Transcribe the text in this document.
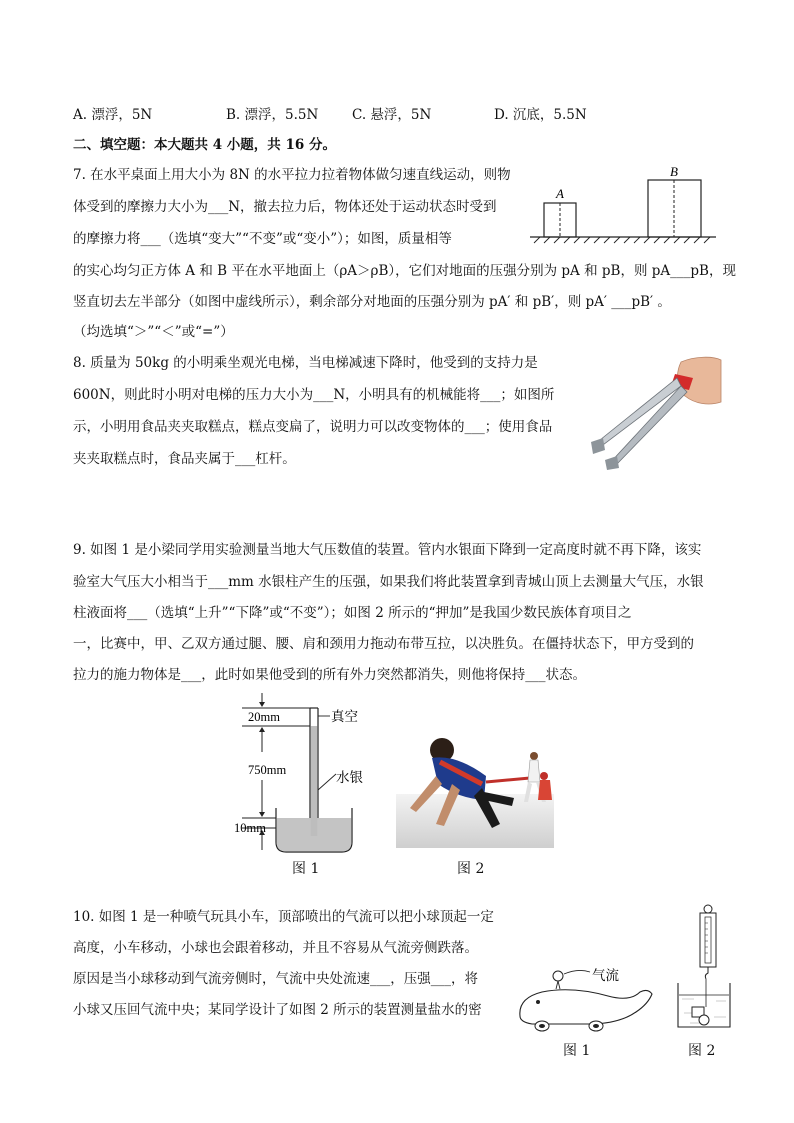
A. 漂浮，5N	B. 漂浮，5.5N C. 悬浮，5N	D. 沉底，5.5N
二、填空题：本大题共 4 小题，共 16 分。
7. 在水平桌面上用大小为 8N 的水平拉力拉着物体做匀速直线运动，则物
体受到的摩擦力大小为___N，撤去拉力后，物体还处于运动状态时受到
的摩擦力将___（选填“变大”“不变”或“变小”）；如图，质量相等
的实心均匀正方体 A 和 B 平在水平地面上（ρA＞ρB），它们对地面的压强分别为 pA 和 pB，则 pA___pB，现
竖直切去左半部分（如图中虚线所示），剩余部分对地面的压强分别为 pA′ 和 pB′，则 pA′ ___pB′ 。
（均选填“＞”“＜”或“=”）
A
B
8. 质量为 50kg 的小明乘坐观光电梯，当电梯减速下降时，他受到的支持力是
600N，则此时小明对电梯的压力大小为___N，小明具有的机械能将___；如图所
示，小明用食品夹夹取糕点，糕点变扁了，说明力可以改变物体的___；使用食品
夹夹取糕点时，食品夹属于___杠杆。
9. 如图 1 是小梁同学用实验测量当地大气压数值的装置。管内水银面下降到一定高度时就不再下降，该实
验室大气压大小相当于___mm 水银柱产生的压强，如果我们将此装置拿到青城山顶上去测量大气压，水银
柱液面将___（选填“上升”“下降”或“不变”）；如图 2 所示的“押加”是我国少数民族体育项目之
一，比赛中，甲、乙双方通过腿、腰、肩和颈用力拖动布带互拉，以决胜负。在僵持状态下，甲方受到的
拉力的施力物体是___，此时如果他受到的所有外力突然都消失，则他将保持___状态。
20mm
750mm
10mm
真空
水银
图 1	图 2
10. 如图 1 是一种喷气玩具小车，顶部喷出的气流可以把小球顶起一定
高度，小车移动，小球也会跟着移动，并且不容易从气流旁侧跌落。
原因是当小球移动到气流旁侧时，气流中央处流速___，压强___，将
小球又压回气流中央；某同学设计了如图 2 所示的装置测量盐水的密
气流
图 1	图 2
